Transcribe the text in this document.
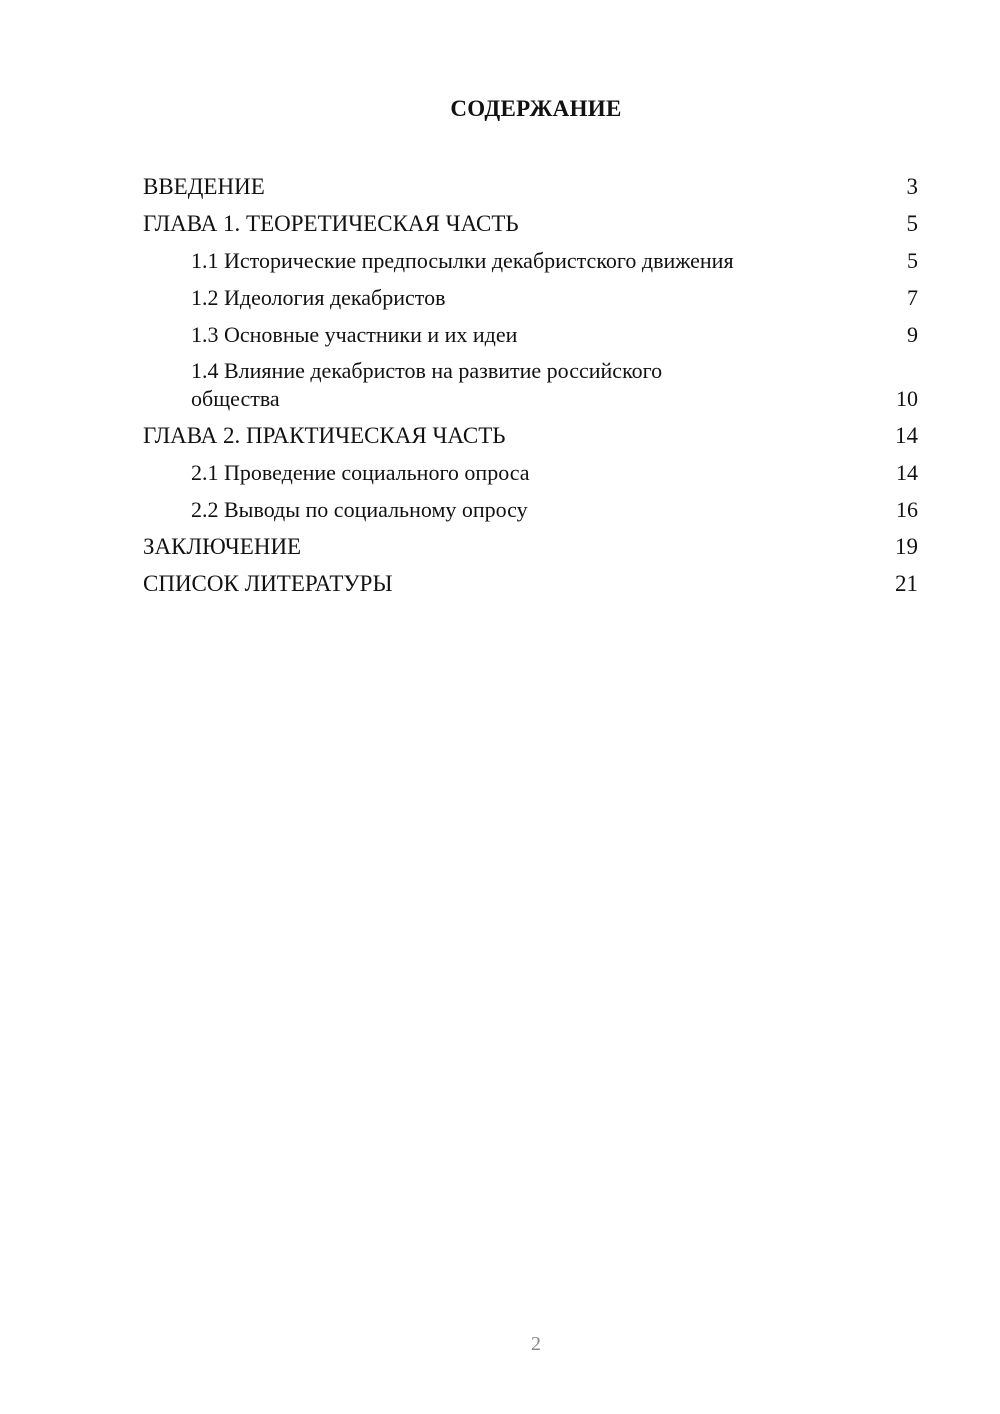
СОДЕРЖАНИЕ
ВВЕДЕНИЕ	3
ГЛАВА 1. ТЕОРЕТИЧЕСКАЯ ЧАСТЬ	5
1.1 Исторические предпосылки декабристского движения	5
1.2 Идеология декабристов	7
1.3 Основные участники и их идеи	9
1.4 Влияние декабристов на развитие российского общества	10
ГЛАВА 2. ПРАКТИЧЕСКАЯ ЧАСТЬ	14
2.1 Проведение социального опроса	14
2.2 Выводы по социальному опросу	16
ЗАКЛЮЧЕНИЕ	19
СПИСОК ЛИТЕРАТУРЫ	21
2
